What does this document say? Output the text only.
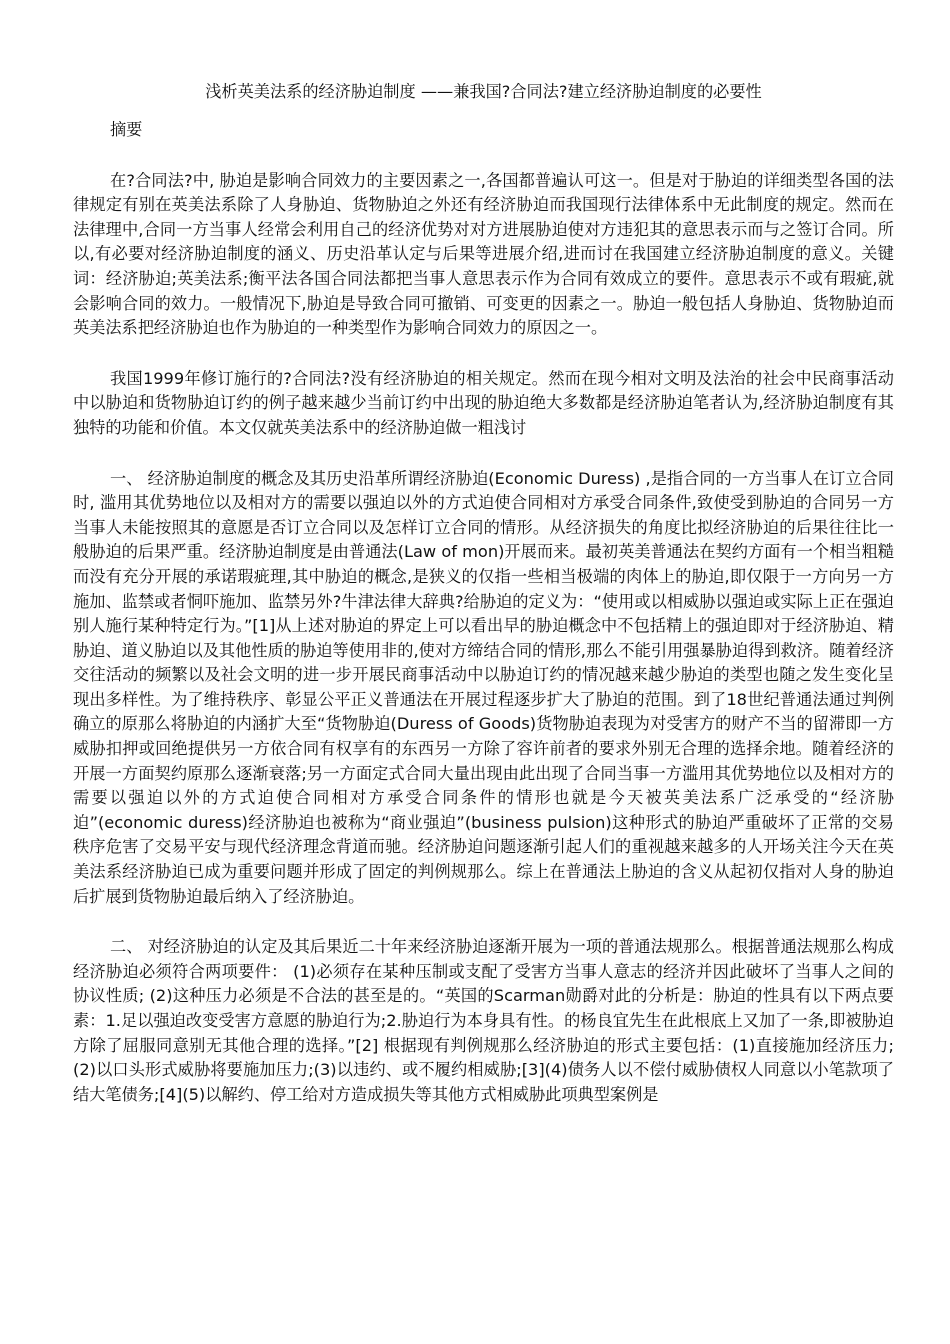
浅析英美法系的经济胁迫制度 ——兼我国?合同法?建立经济胁迫制度的必要性
摘要

在?合同法?中, 胁迫是影响合同效力的主要因素之一,各国都普遍认可这一。但是对于胁迫的详细类型各国的法律规定有别在英美法系除了人身胁迫、货物胁迫之外还有经济胁迫而我国现行法律体系中无此制度的规定。然而在法律理中,合同一方当事人经常会利用自己的经济优势对对方进展胁迫使对方违犯其的意思表示而与之签订合同。所以,有必要对经济胁迫制度的涵义、历史沿革认定与后果等进展介绍,进而讨在我国建立经济胁迫制度的意义。关键词：经济胁迫;英美法系;衡平法各国合同法都把当事人意思表示作为合同有效成立的要件。意思表示不或有瑕疵,就会影响合同的效力。一般情况下,胁迫是导致合同可撤销、可变更的因素之一。胁迫一般包括人身胁迫、货物胁迫而英美法系把经济胁迫也作为胁迫的一种类型作为影响合同效力的原因之一。

我国1999年修订施行的?合同法?没有经济胁迫的相关规定。然而在现今相对文明及法治的社会中民商事活动中以胁迫和货物胁迫订约的例子越来越少当前订约中出现的胁迫绝大多数都是经济胁迫笔者认为,经济胁迫制度有其独特的功能和价值。本文仅就英美法系中的经济胁迫做一粗浅讨

一、 经济胁迫制度的概念及其历史沿革所谓经济胁迫(Economic Duress) ,是指合同的一方当事人在订立合同时, 滥用其优势地位以及相对方的需要以强迫以外的方式迫使合同相对方承受合同条件,致使受到胁迫的合同另一方当事人未能按照其的意愿是否订立合同以及怎样订立合同的情形。从经济损失的角度比拟经济胁迫的后果往往比一般胁迫的后果严重。经济胁迫制度是由普通法(Law of mon)开展而来。最初英美普通法在契约方面有一个相当粗糙而没有充分开展的承诺瑕疵理,其中胁迫的概念,是狭义的仅指一些相当极端的肉体上的胁迫,即仅限于一方向另一方施加、监禁或者恫吓施加、监禁另外?牛津法律大辞典?给胁迫的定义为：“使用或以相威胁以强迫或实际上正在强迫别人施行某种特定行为。”[1]从上述对胁迫的界定上可以看出早的胁迫概念中不包括精上的强迫即对于经济胁迫、精胁迫、道义胁迫以及其他性质的胁迫等使用非的,使对方缔结合同的情形,那么不能引用强暴胁迫得到救济。随着经济交往活动的频繁以及社会文明的进一步开展民商事活动中以胁迫订约的情况越来越少胁迫的类型也随之发生变化呈现出多样性。为了维持秩序、彰显公平正义普通法在开展过程逐步扩大了胁迫的范围。到了18世纪普通法通过判例确立的原那么将胁迫的内涵扩大至“货物胁迫(Duress of Goods)货物胁迫表现为对受害方的财产不当的留滞即一方威胁扣押或回绝提供另一方依合同有权享有的东西另一方除了容许前者的要求外别无合理的选择余地。随着经济的开展一方面契约原那么逐渐衰落;另一方面定式合同大量出现由此出现了合同当事一方滥用其优势地位以及相对方的需要以强迫以外的方式迫使合同相对方承受合同条件的情形也就是今天被英美法系广泛承受的“经济胁迫”(economic duress)经济胁迫也被称为“商业强迫”(business pulsion)这种形式的胁迫严重破坏了正常的交易秩序危害了交易平安与现代经济理念背道而驰。经济胁迫问题逐渐引起人们的重视越来越多的人开场关注今天在英美法系经济胁迫已成为重要问题并形成了固定的判例规那么。综上在普通法上胁迫的含义从起初仅指对人身的胁迫后扩展到货物胁迫最后纳入了经济胁迫。

二、 对经济胁迫的认定及其后果近二十年来经济胁迫逐渐开展为一项的普通法规那么。根据普通法规那么构成经济胁迫必须符合两项要件： (1)必须存在某种压制或支配了受害方当事人意志的经济并因此破坏了当事人之间的协议性质; (2)这种压力必须是不合法的甚至是的。“英国的Scarman勋爵对此的分析是：胁迫的性具有以下两点要素：1.足以强迫改变受害方意愿的胁迫行为;2.胁迫行为本身具有性。的杨良宜先生在此根底上又加了一条,即被胁迫方除了屈服同意别无其他合理的选择。”[2] 根据现有判例规那么经济胁迫的形式主要包括：(1)直接施加经济压力;(2)以口头形式威胁将要施加压力;(3)以违约、或不履约相威胁;[3](4)债务人以不偿付威胁债权人同意以小笔款项了结大笔债务;[4](5)以解约、停工给对方造成损失等其他方式相威胁此项典型案例是
